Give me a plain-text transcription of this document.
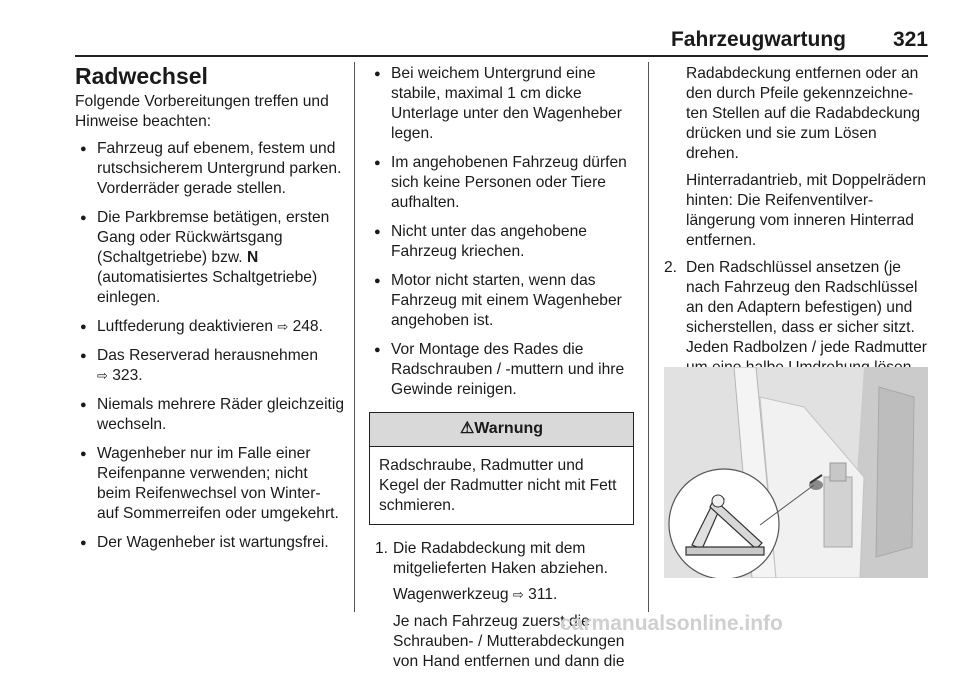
Fahrzeugwartung 321
Radwechsel

Folgende Vorbereitungen treffen und Hinweise beachten:

● Fahrzeug auf ebenem, festem und rutschsicherem Untergrund parken. Vorderräder gerade stellen.
● Die Parkbremse betätigen, ersten Gang oder Rückwärtsgang (Schaltgetriebe) bzw. N (automatisiertes Schaltgetriebe) einlegen.
● Luftfederung deaktivieren ⇨ 248.
● Das Reserverad herausnehmen
⇨ 323.
● Niemals mehrere Räder gleichzeitig wechseln.
● Wagenheber nur im Falle einer Reifenpanne verwenden; nicht beim Reifenwechsel von Winter- auf Sommerreifen oder umgekehrt.
● Der Wagenheber ist wartungsfrei.
● Bei weichem Untergrund eine stabile, maximal 1 cm dicke Unterlage unter den Wagenheber legen.
● Im angehobenen Fahrzeug dürfen sich keine Personen oder Tiere aufhalten.
● Nicht unter das angehobene Fahrzeug kriechen.
● Motor nicht starten, wenn das Fahrzeug mit einem Wagenheber angehoben ist.
● Vor Montage des Rades die Radschrauben / -muttern und ihre Gewinde reinigen.
⚠Warnung
Radschraube, Radmutter und Kegel der Radmutter nicht mit Fett schmieren.
1. Die Radabdeckung mit dem mitgelieferten Haken abziehen.

Wagenwerkzeug ⇨ 311.

Je nach Fahrzeug zuerst die Schrauben- / Mutterabdeckungen von Hand entfernen und dann die

Radabdeckung entfernen oder an den durch Pfeile gekennzeichneten Stellen auf die Radabdeckung drücken und sie zum Lösen drehen.

Hinterradantrieb, mit Doppelrädern hinten: Die Reifenventilverlängerung vom inneren Hinterrad entfernen.

2. Den Radschlüssel ansetzen (je nach Fahrzeug den Radschlüssel an den Adaptern befestigen) und sicherstellen, dass er sicher sitzt. Jeden Radbolzen / jede Radmutter
carmanualsonline.info
